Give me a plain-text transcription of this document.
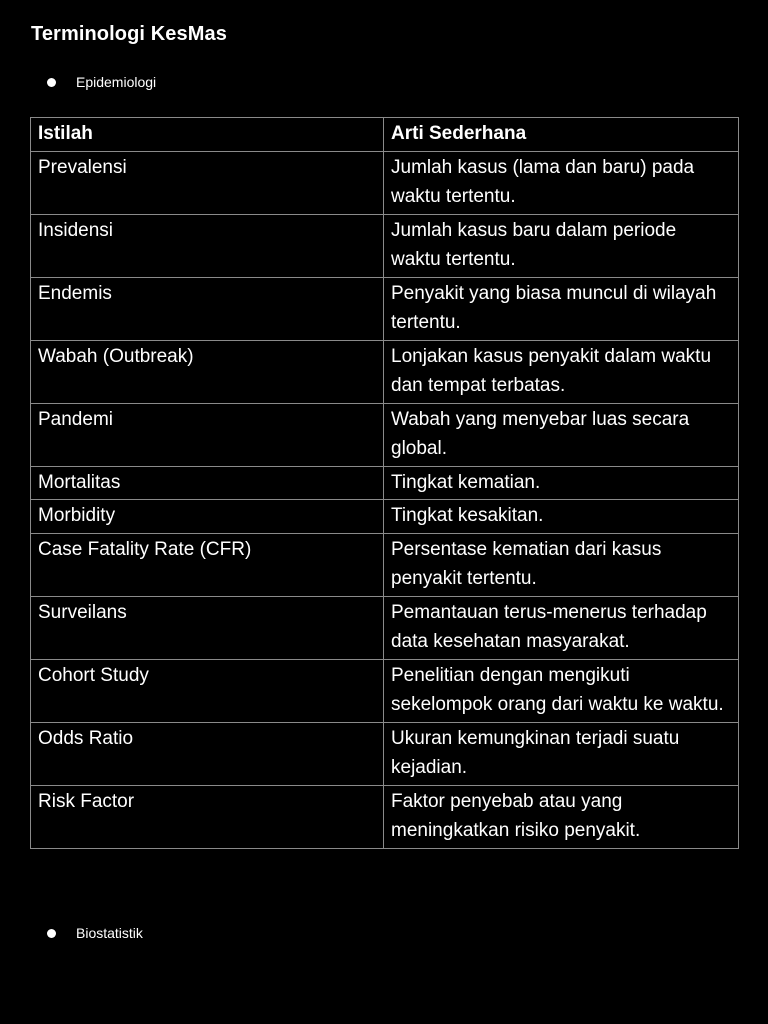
Terminologi KesMas
Epidemiologi
Istilah	Arti Sederhana
Prevalensi	Jumlah kasus (lama dan baru) pada waktu tertentu.
Insidensi	Jumlah kasus baru dalam periode waktu tertentu.
Endemis	Penyakit yang biasa muncul di wilayah tertentu.
Wabah (Outbreak)	Lonjakan kasus penyakit dalam waktu dan tempat terbatas.
Pandemi	Wabah yang menyebar luas secara global.
Mortalitas	Tingkat kematian.
Morbidity	Tingkat kesakitan.
Case Fatality Rate (CFR)	Persentase kematian dari kasus penyakit tertentu.
Surveilans	Pemantauan terus-menerus terhadap data kesehatan masyarakat.
Cohort Study	Penelitian dengan mengikuti sekelompok orang dari waktu ke waktu.
Odds Ratio	Ukuran kemungkinan terjadi suatu kejadian.
Risk Factor	Faktor penyebab atau yang meningkatkan risiko penyakit.
Biostatistik
